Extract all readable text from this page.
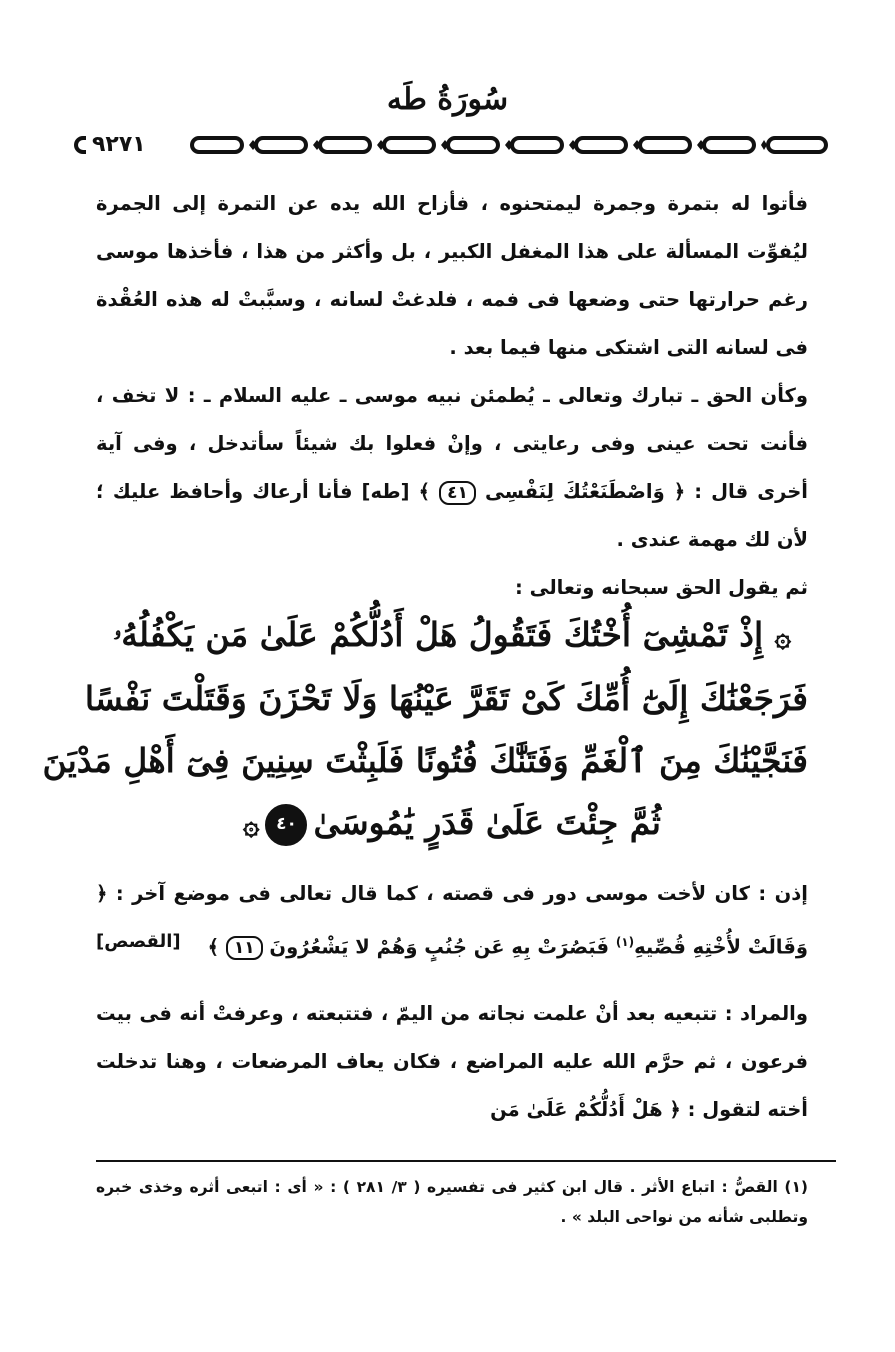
سُورَةُ طَه
٩٢٧١
فأتوا له بتمرة وجمرة ليمتحنوه ، فأزاح الله يده عن التمرة إلى الجمرة ليُفوِّت المسألة على هذا المغفل الكبير ، بل وأكثر من هذا ، فأخذها موسى رغم حرارتها حتى وضعها فى فمه ، فلدغتْ لسانه ، وسبَّبتْ له هذه العُقْدة فى لسانه التى اشتكى منها فيما بعد .
وكأن الحق ـ تبارك وتعالى ـ يُطمئن نبيه موسى ـ عليه السلام ـ : لا تخف ، فأنت تحت عينى وفى رعايتى ، وإنْ فعلوا بك شيئاً سأتدخل ، وفى آية أخرى قال : ﴿ وَاصْطَنَعْتُكَ لِنَفْسِى ٤١ ﴾ [طه] فأنا أرعاك وأحافظ عليك ؛ لأن لك مهمة عندى .
ثم يقول الحق سبحانه وتعالى :
۞ إِذْ تَمْشِىٓ أُخْتُكَ فَتَقُولُ هَلْ أَدُلُّكُمْ عَلَىٰ مَن يَكْفُلُهُۥ
فَرَجَعْنَٰكَ إِلَىٰٓ أُمِّكَ كَىْ تَقَرَّ عَيْنُهَا وَلَا تَحْزَنَ وَقَتَلْتَ نَفْسًا
فَنَجَّيْنَٰكَ مِنَ ٱلْغَمِّ وَفَتَنَّٰكَ فُتُونًا فَلَبِثْتَ سِنِينَ فِىٓ أَهْلِ مَدْيَنَ
ثُمَّ جِئْتَ عَلَىٰ قَدَرٍ يَٰمُوسَىٰ٤٠۞
إذن : كان لأخت موسى دور فى قصته ، كما قال تعالى فى موضع آخر : ﴿ وَقَالَتْ لأُخْتِهِ قُصِّيهِ$^{(١)}$ فَبَصُرَتْ بِهِ عَن جُنُبٍ وَهُمْ لا يَشْعُرُونَ ١١ ﴾
[القصص]
والمراد : تتبعيه بعد أنْ علمت نجاته من اليمّ ، فتتبعته ، وعرفتْ أنه فى بيت فرعون ، ثم حرَّم الله عليه المراضع ، فكان يعاف المرضعات ، وهنا تدخلت أخته لتقول : ﴿ هَلْ أَدُلُّكُمْ عَلَىٰ مَن
(١) القصُّ : اتباع الأثر . قال ابن كثير فى تفسيره ( ٣/ ٢٨١ ) : « أى : اتبعى أثره وخذى خبره وتطلبى شأنه من نواحى البلد » .
